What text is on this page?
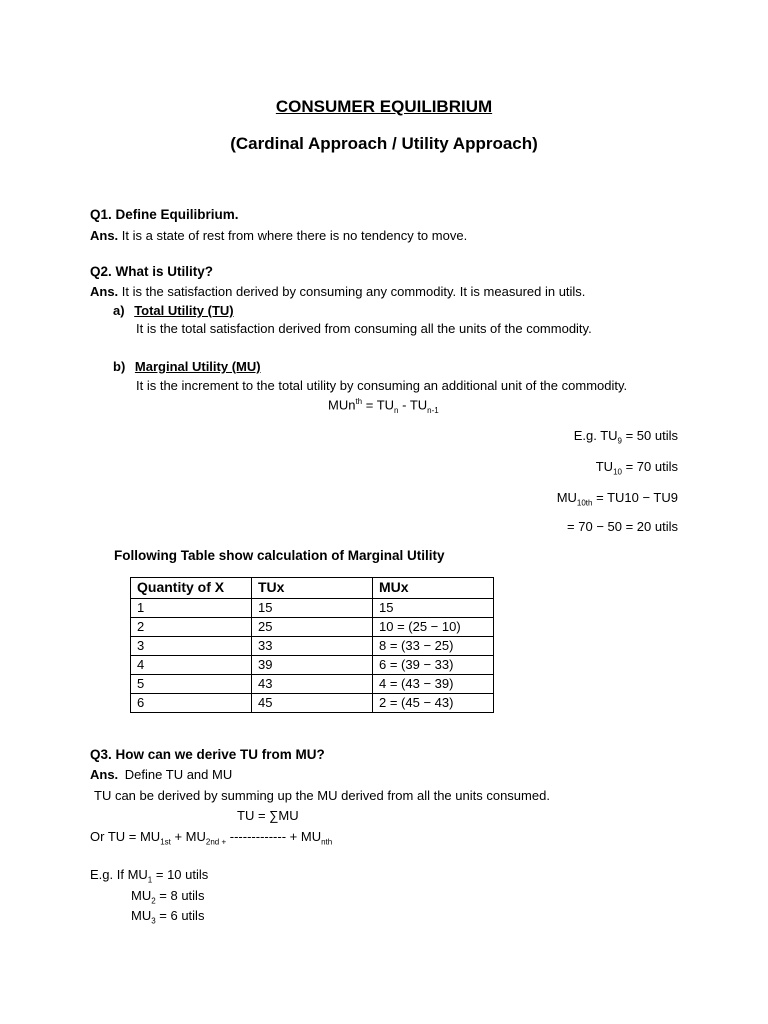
CONSUMER EQUILIBRIUM
(Cardinal Approach / Utility Approach)
Q1. Define Equilibrium.
Ans. It is a state of rest from where there is no tendency to move.
Q2. What is Utility?
Ans. It is the satisfaction derived by consuming any commodity. It is measured in utils.
a) Total Utility (TU)
It is the total satisfaction derived from consuming all the units of the commodity.
b) Marginal Utility (MU)
It is the increment to the total utility by consuming an additional unit of the commodity.
$MUn^{th} = TU_n - TU_{n-1}$
E.g. $TU_9 = 50$ utils
$TU_{10} = 70$ utils
$MU_{10th} = TU10 - TU9$
= 70 − 50 = 20 utils
Following Table show calculation of Marginal Utility
Quantity of X	TUx	MUx
1	15	15
2	25	10 = (25 − 10)
3	33	8 = (33 − 25)
4	39	6 = (39 − 33)
5	43	4 = (43 − 39)
6	45	2 = (45 − 43)
Q3. How can we derive TU from MU?
Ans. Define TU and MU
TU can be derived by summing up the MU derived from all the units consumed.
TU = ∑MU
Or TU = $MU_{1st} + MU_{2nd +}$ ------------- + $MU_{nth}$
E.g. If $MU_1 = 10$ utils
$MU_2 = 8$ utils
$MU_3 = 6$ utils
